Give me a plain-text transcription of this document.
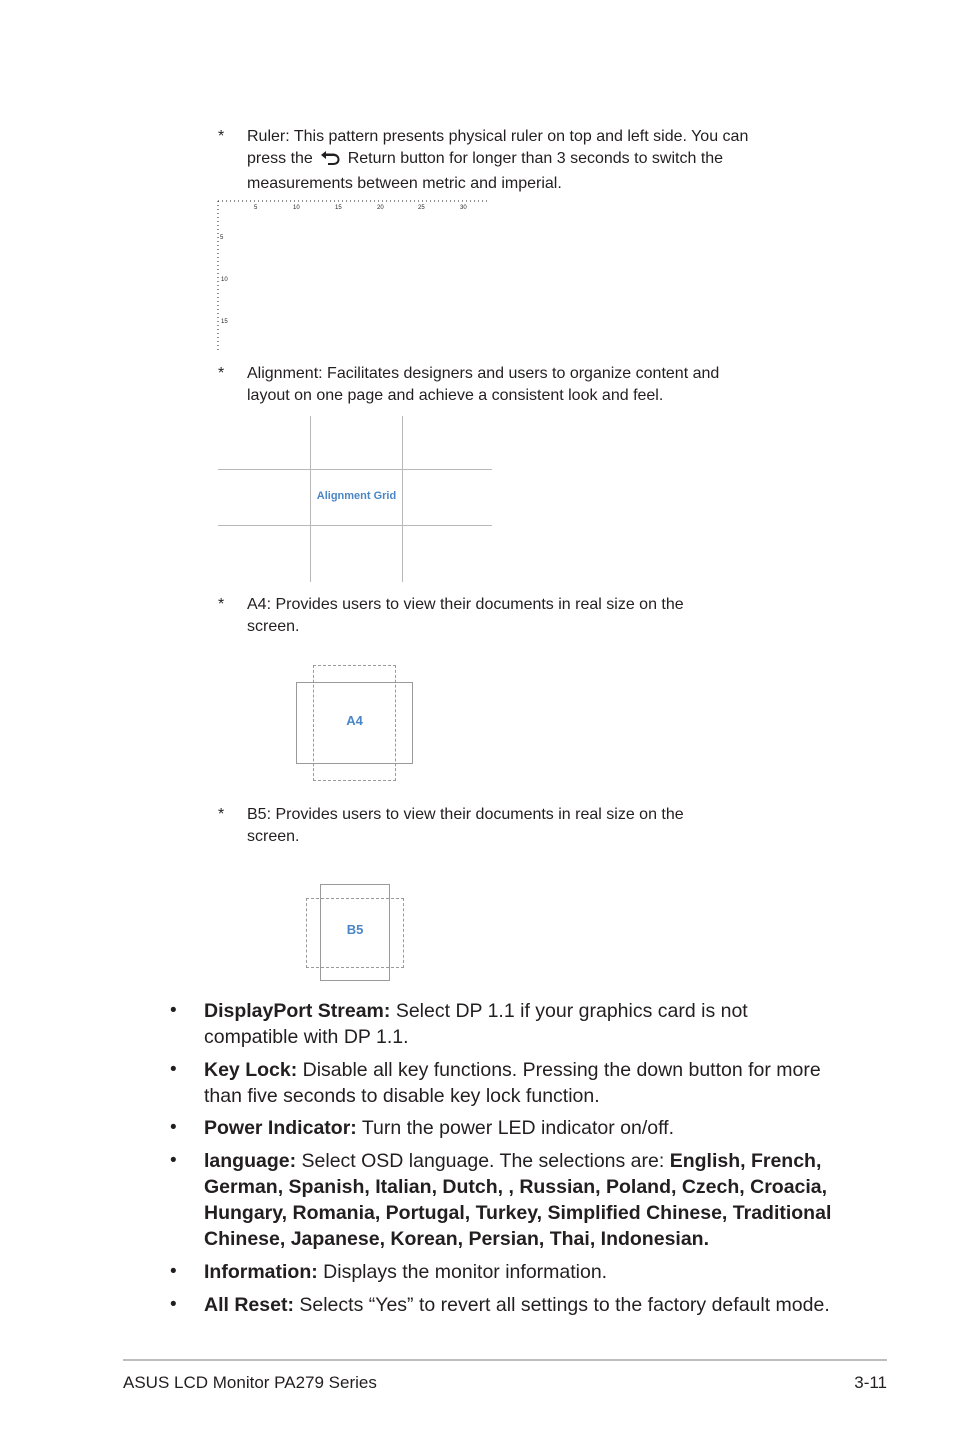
* Ruler: This pattern presents physical ruler on top and left side. You can press the Return button for longer than 3 seconds to switch the measurements between metric and imperial.
5	10	15	20	25	30
5
10
15
* Alignment: Facilitates designers and users to organize content and layout on one page and achieve a consistent look and feel.
Alignment Grid
* A4: Provides users to view their documents in real size on the screen.
A4
* B5: Provides users to view their documents in real size on the screen.
B5
• DisplayPort Stream: Select DP 1.1 if your graphics card is not compatible with DP 1.1.
• Key Lock: Disable all key functions. Pressing the down button for more than five seconds to disable key lock function.
• Power Indicator: Turn the power LED indicator on/off.
• language: Select OSD language. The selections are: English, French, German, Spanish, Italian, Dutch, , Russian, Poland, Czech, Croacia, Hungary, Romania, Portugal, Turkey, Simplified Chinese, Traditional Chinese, Japanese, Korean, Persian, Thai, Indonesian.
• Information: Displays the monitor information.
• All Reset: Selects “Yes” to revert all settings to the factory default mode.
ASUS LCD Monitor PA279 Series	3-11
